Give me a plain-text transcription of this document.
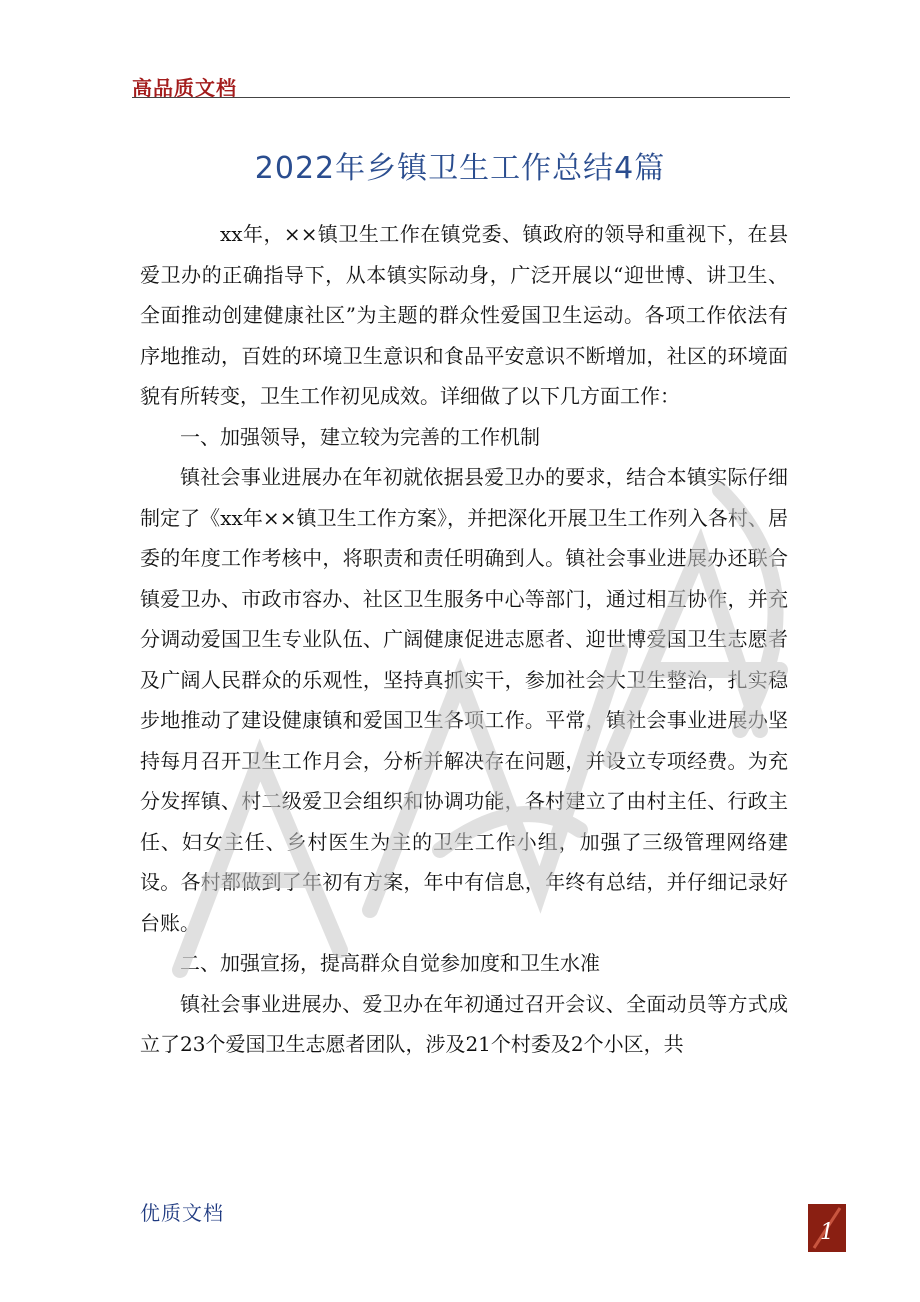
高品质文档
2022年乡镇卫生工作总结4篇

xx年，××镇卫生工作在镇党委、镇政府的领导和重视下，在县爱卫办的正确指导下，从本镇实际动身，广泛开展以“迎世博、讲卫生、全面推动创建健康社区”为主题的群众性爱国卫生运动。各项工作依法有序地推动，百姓的环境卫生意识和食品平安意识不断增加，社区的环境面貌有所转变，卫生工作初见成效。详细做了以下几方面工作：

一、加强领导，建立较为完善的工作机制

镇社会事业进展办在年初就依据县爱卫办的要求，结合本镇实际仔细制定了《xx年××镇卫生工作方案》，并把深化开展卫生工作列入各村、居委的年度工作考核中，将职责和责任明确到人。镇社会事业进展办还联合镇爱卫办、市政市容办、社区卫生服务中心等部门，通过相互协作，并充分调动爱国卫生专业队伍、广阔健康促进志愿者、迎世博爱国卫生志愿者及广阔人民群众的乐观性，坚持真抓实干，参加社会大卫生整治，扎实稳步地推动了建设健康镇和爱国卫生各项工作。平常，镇社会事业进展办坚持每月召开卫生工作月会，分析并解决存在问题，并设立专项经费。为充分发挥镇、村二级爱卫会组织和协调功能，各村建立了由村主任、行政主任、妇女主任、乡村医生为主的卫生工作小组，加强了三级管理网络建设。各村都做到了年初有方案，年中有信息，年终有总结，并仔细记录好台账。

二、加强宣扬，提高群众自觉参加度和卫生水准

镇社会事业进展办、爱卫办在年初通过召开会议、全面动员等方式成立了23个爱国卫生志愿者团队，涉及21个村委及2个小区，共

优质文档
1
